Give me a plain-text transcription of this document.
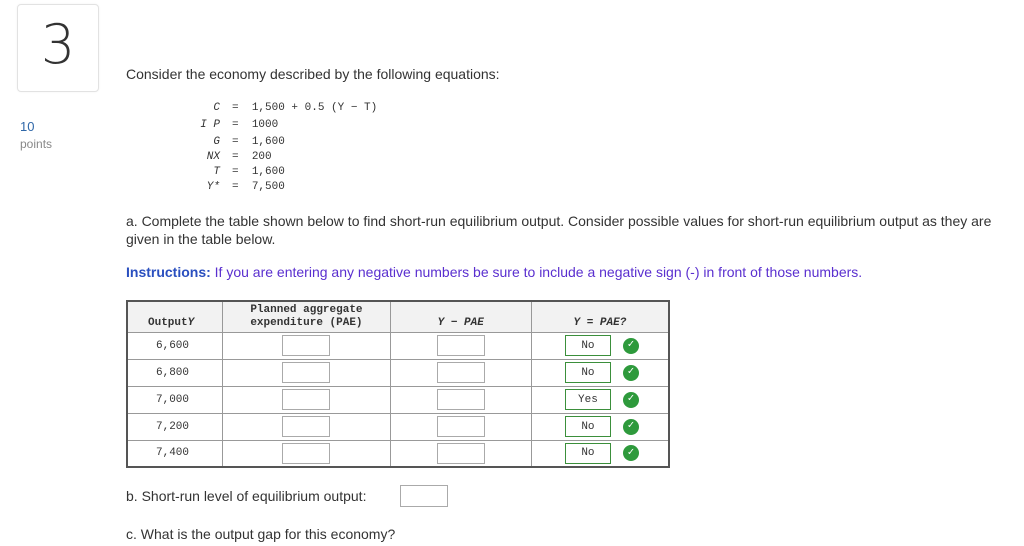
3
10
points
Consider the economy described by the following equations:
C =  1,500 + 0.5 (Y − T)
I P =  1000
G =  1,600
NX =  200
T =  1,600
Y* =  7,500
a. Complete the table shown below to find short-run equilibrium output. Consider possible values for short-run equilibrium output as they are given in the table below.
Instructions: If you are entering any negative numbers be sure to include a negative sign (-) in front of those numbers.
OutputY	Planned aggregate
expenditure (PAE)	Y − PAE	Y = PAE?
6,600			No ✓

6,800			No ✓

7,000			Yes ✓

7,200			No ✓

7,400			No ✓
b. Short-run level of equilibrium output:
c. What is the output gap for this economy?
